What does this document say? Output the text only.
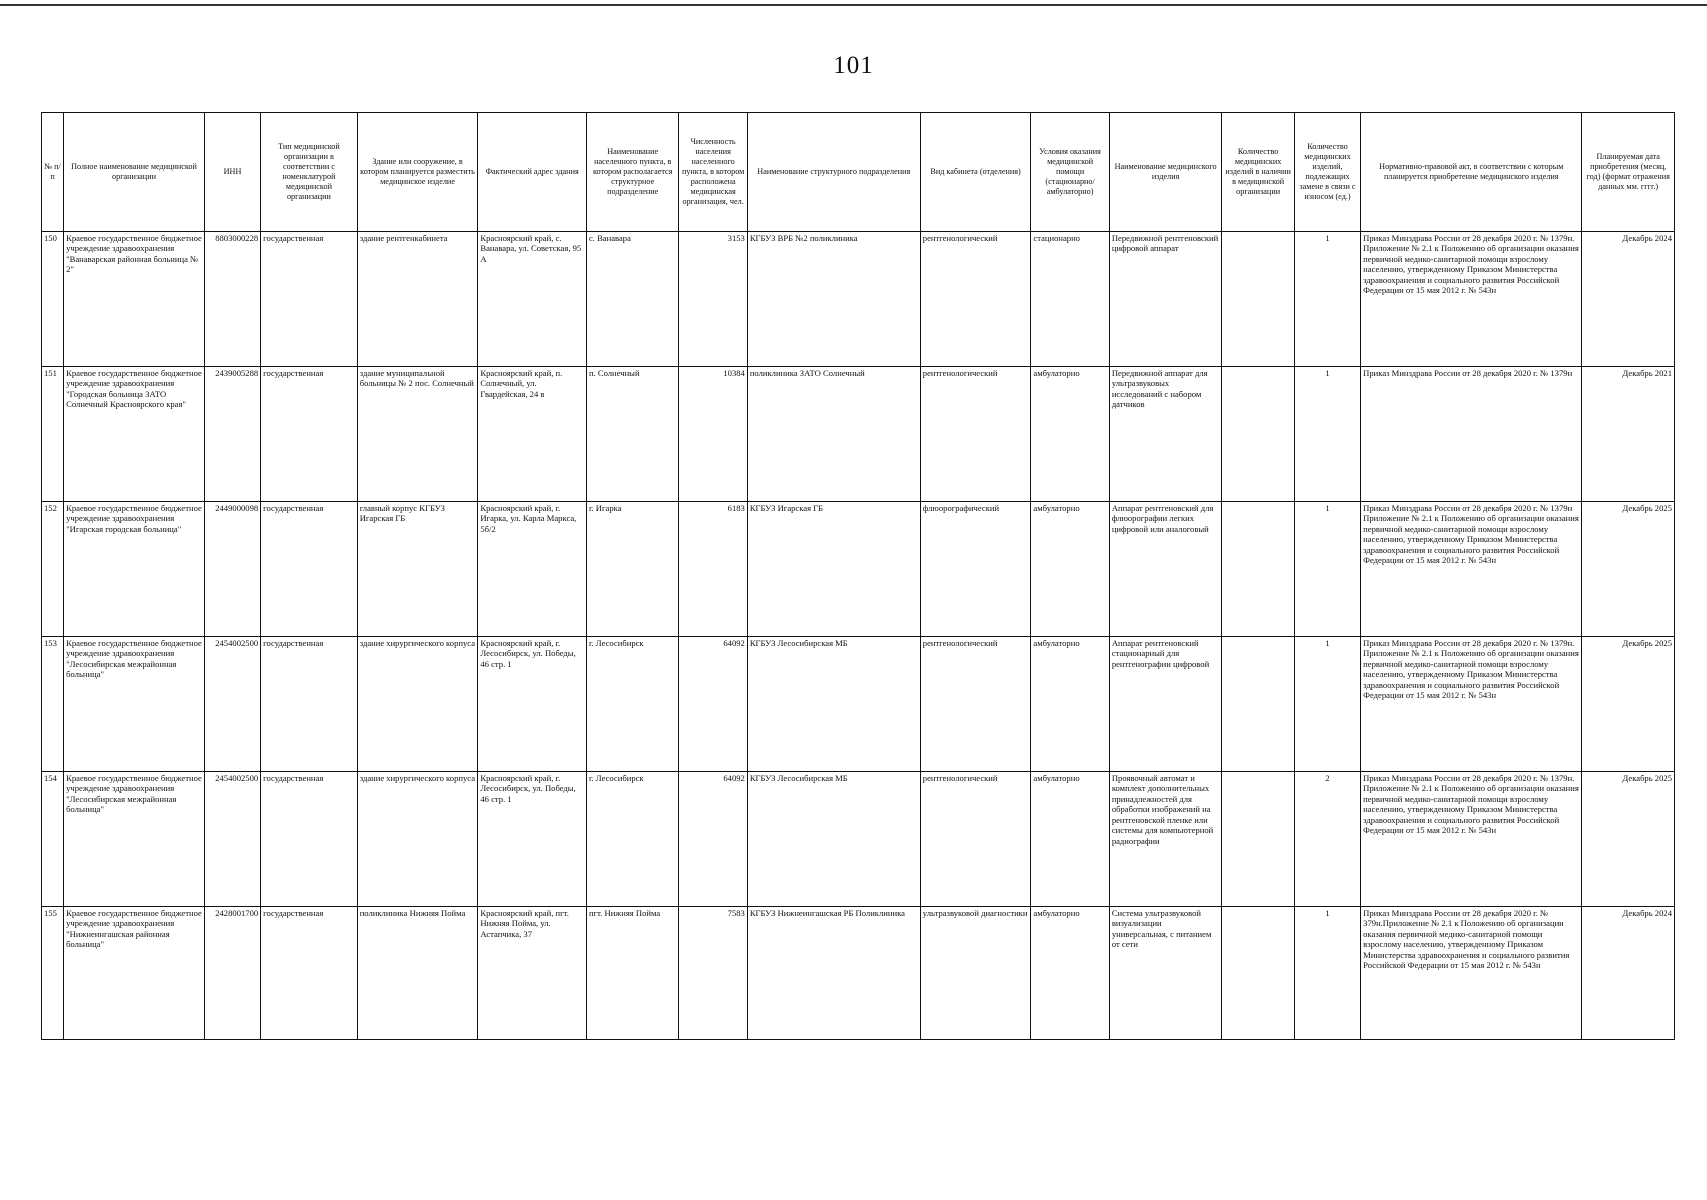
101
№ п/п	Полное наименование медицинской организации	ИНН	Тип медицинской организации в соответствии с номенклатурой медицинской организации	Здание или сооружение, в котором планируется разместить медицинское изделие	Фактический адрес здания	Наименование населенного пункта, в котором располагается структурное подразделение	Численность населения населенного пункта, в котором расположена медицинская организация, чел.	Наименование структурного подразделения	Вид кабинета (отделения)	Условия оказания медицинской помощи (стационарно/ амбулаторно)	Наименование медицинского изделия	Количество медицинских изделий в наличии в медицинской организации	Количество медицинских изделий, подлежащих замене в связи с износом (ед.)	Нормативно-правовой акт, в соответствии с которым планируется приобретение медицинского изделия	Планируемая дата приобретения (месяц, год) (формат отражения данных мм. гггг.)
150	Краевое государственное бюджетное учреждение здравоохранения "Ванаварская районная больница № 2"	8803000228	государственная	здание рентгенкабинета	Красноярский край, с. Ванавара, ул. Советская, 95 А	с. Ванавара	3153	КГБУЗ ВРБ №2 поликлиника	рентгенологический	стационарно	Передвижной рентгеновский цифровой аппарат		1	Приказ Минздрава России от 28 декабря 2020 г. № 1379н. Приложение № 2.1 к Положению об организации оказания первичной медико-санитарной помощи взрослому населению, утвержденному Приказом Министерства здравоохранения и социального развития Российской Федерации от 15 мая 2012 г. № 543н	Декабрь 2024
151	Краевое государственное бюджетное учреждение здравоохранения "Городская больница ЗАТО Солнечный Красноярского края"	2439005288	государственная	здание муниципальной больницы № 2 пос. Солнечный	Красноярский край, п. Солнечный, ул. Гвардейская, 24 в	п. Солнечный	10384	поликлиника ЗАТО Солнечный	рентгенологический	амбулаторно	Передвижной аппарат для ультразвуковых исследований с набором датчиков		1	Приказ Минздрава России от 28 декабря 2020 г. № 1379н	Декабрь 2021
152	Краевое государственное бюджетное учреждение здравоохранения "Игарская городская больница"	2449000098	государственная	главный корпус КГБУЗ Игарская ГБ	Красноярский край, г. Игарка, ул. Карла Маркса, 5б/2	г. Игарка	6183	КГБУЗ Игарская ГБ	флюорографический	амбулаторно	Аппарат рентгеновский для флюорографии легких цифровой или аналоговый		1	Приказ Минздрава России от 28 декабря 2020 г. № 1379н Приложение № 2.1 к Положению об организации оказания первичной медико-санитарной помощи взрослому населению, утвержденному Приказом Министерства здравоохранения и социального развития Российской Федерации от 15 мая 2012 г. № 543н	Декабрь 2025
153	Краевое государственное бюджетное учреждение здравоохранения "Лесосибирская межрайонная больница"	2454002500	государственная	здание хирургического корпуса	Красноярский край, г. Лесосибирск, ул. Победы, 46 стр. 1	г. Лесосибирск	64092	КГБУЗ Лесосибирская МБ	рентгенологический	амбулаторно	Аппарат рентгеновский стационарный для рентгенографии цифровой		1	Приказ Минздрава России от 28 декабря 2020 г. № 1379н. Приложение № 2.1 к Положению об организации оказания первичной медико-санитарной помощи взрослому населению, утвержденному Приказом Министерства здравоохранения и социального развития Российской Федерации от 15 мая 2012 г. № 543н	Декабрь 2025
154	Краевое государственное бюджетное учреждение здравоохранения "Лесосибирская межрайонная больница"	2454002500	государственная	здание хирургического корпуса	Красноярский край, г. Лесосибирск, ул. Победы, 46 стр. 1	г. Лесосибирск	64092	КГБУЗ Лесосибирская МБ	рентгенологический	амбулаторно	Проявочный автомат и комплект дополнительных принадлежностей для обработки изображений на рентгеновской пленке или системы для компьютерной радиографии		2	Приказ Минздрава России от 28 декабря 2020 г. № 1379н. Приложение № 2.1 к Положению об организации оказания первичной медико-санитарной помощи взрослому населению, утвержденному Приказом Министерства здравоохранения и социального развития Российской Федерации от 15 мая 2012 г. № 543н	Декабрь 2025
155	Краевое государственное бюджетное учреждение здравоохранения "Нижнеингашская районная больница"	2428001700	государственная	поликлиника Нижняя Пойма	Красноярский край, пгт. Нижняя Пойма, ул. Астапчика, 37	пгт. Нижняя Пойма	7583	КГБУЗ Нижнеингашская РБ Поликлиника	ультразвуковой диагностики	амбулаторно	Система ультразвуковой визуализации универсальная, с питанием от сети		1	Приказ Минздрава России от 28 декабря 2020 г. № 379н.Приложение № 2.1 к Положению об организации оказания первичной медико-санитарной помощи взрослому населению, утвержденному Приказом Министерства здравоохранения и социального развития Российской Федерации от 15 мая 2012 г. № 543н	Декабрь 2024
